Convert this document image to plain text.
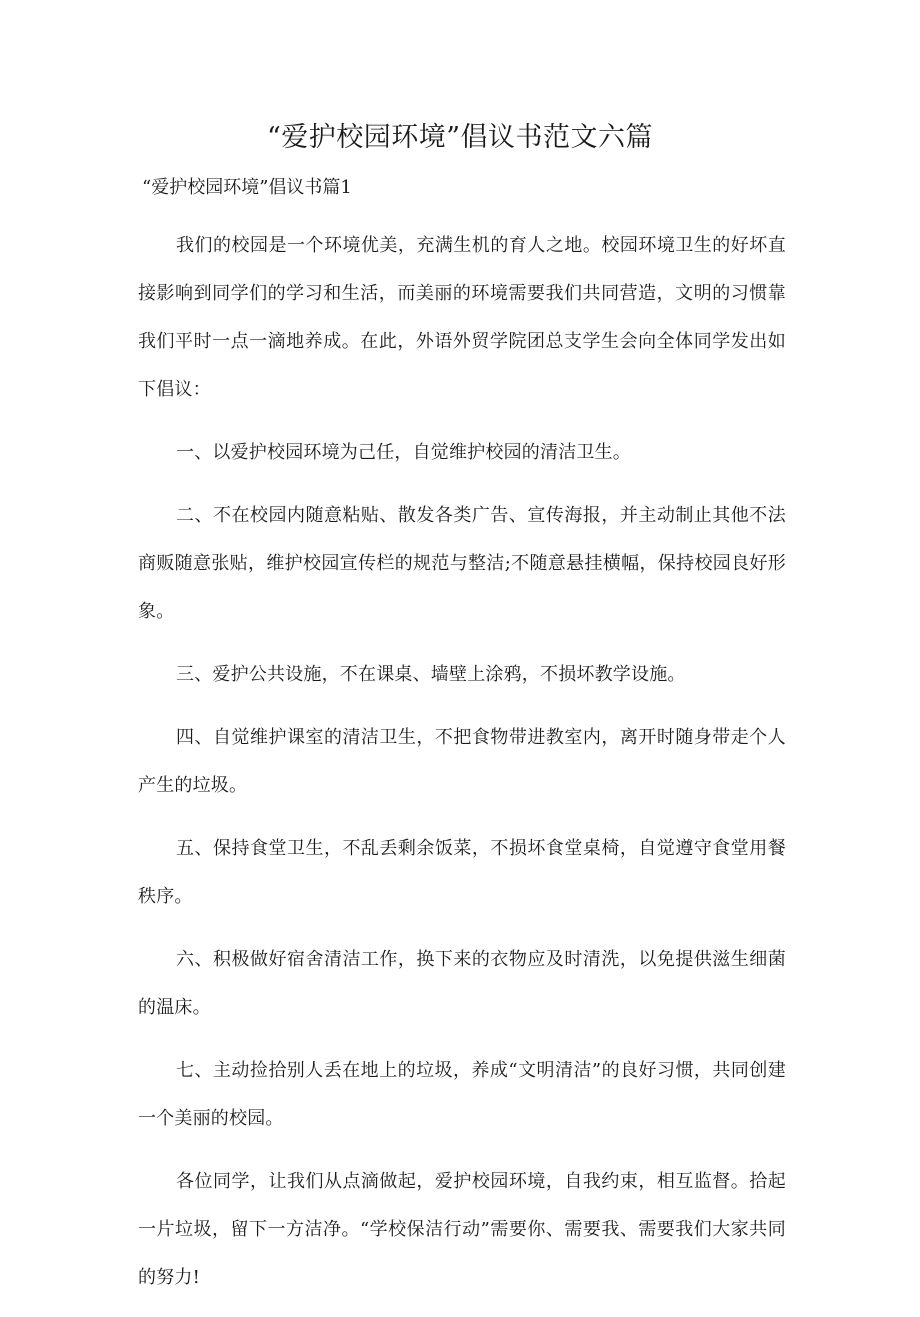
“爱护校园环境”倡议书范文六篇
“爱护校园环境”倡议书篇1

我们的校园是一个环境优美，充满生机的育人之地。校园环境卫生的好坏直接影响到同学们的学习和生活，而美丽的环境需要我们共同营造，文明的习惯靠我们平时一点一滴地养成。在此，外语外贸学院团总支学生会向全体同学发出如下倡议：

一、以爱护校园环境为己任，自觉维护校园的清洁卫生。

二、不在校园内随意粘贴、散发各类广告、宣传海报，并主动制止其他不法商贩随意张贴，维护校园宣传栏的规范与整洁;不随意悬挂横幅，保持校园良好形象。

三、爱护公共设施，不在课桌、墙壁上涂鸦，不损坏教学设施。

四、自觉维护课室的清洁卫生，不把食物带进教室内，离开时随身带走个人产生的垃圾。

五、保持食堂卫生，不乱丢剩余饭菜，不损坏食堂桌椅，自觉遵守食堂用餐秩序。

六、积极做好宿舍清洁工作，换下来的衣物应及时清洗，以免提供滋生细菌的温床。

七、主动捡拾别人丢在地上的垃圾，养成“文明清洁”的良好习惯，共同创建一个美丽的校园。

各位同学，让我们从点滴做起，爱护校园环境，自我约束，相互监督。拾起一片垃圾，留下一方洁净。“学校保洁行动”需要你、需要我、需要我们大家共同的努力!
